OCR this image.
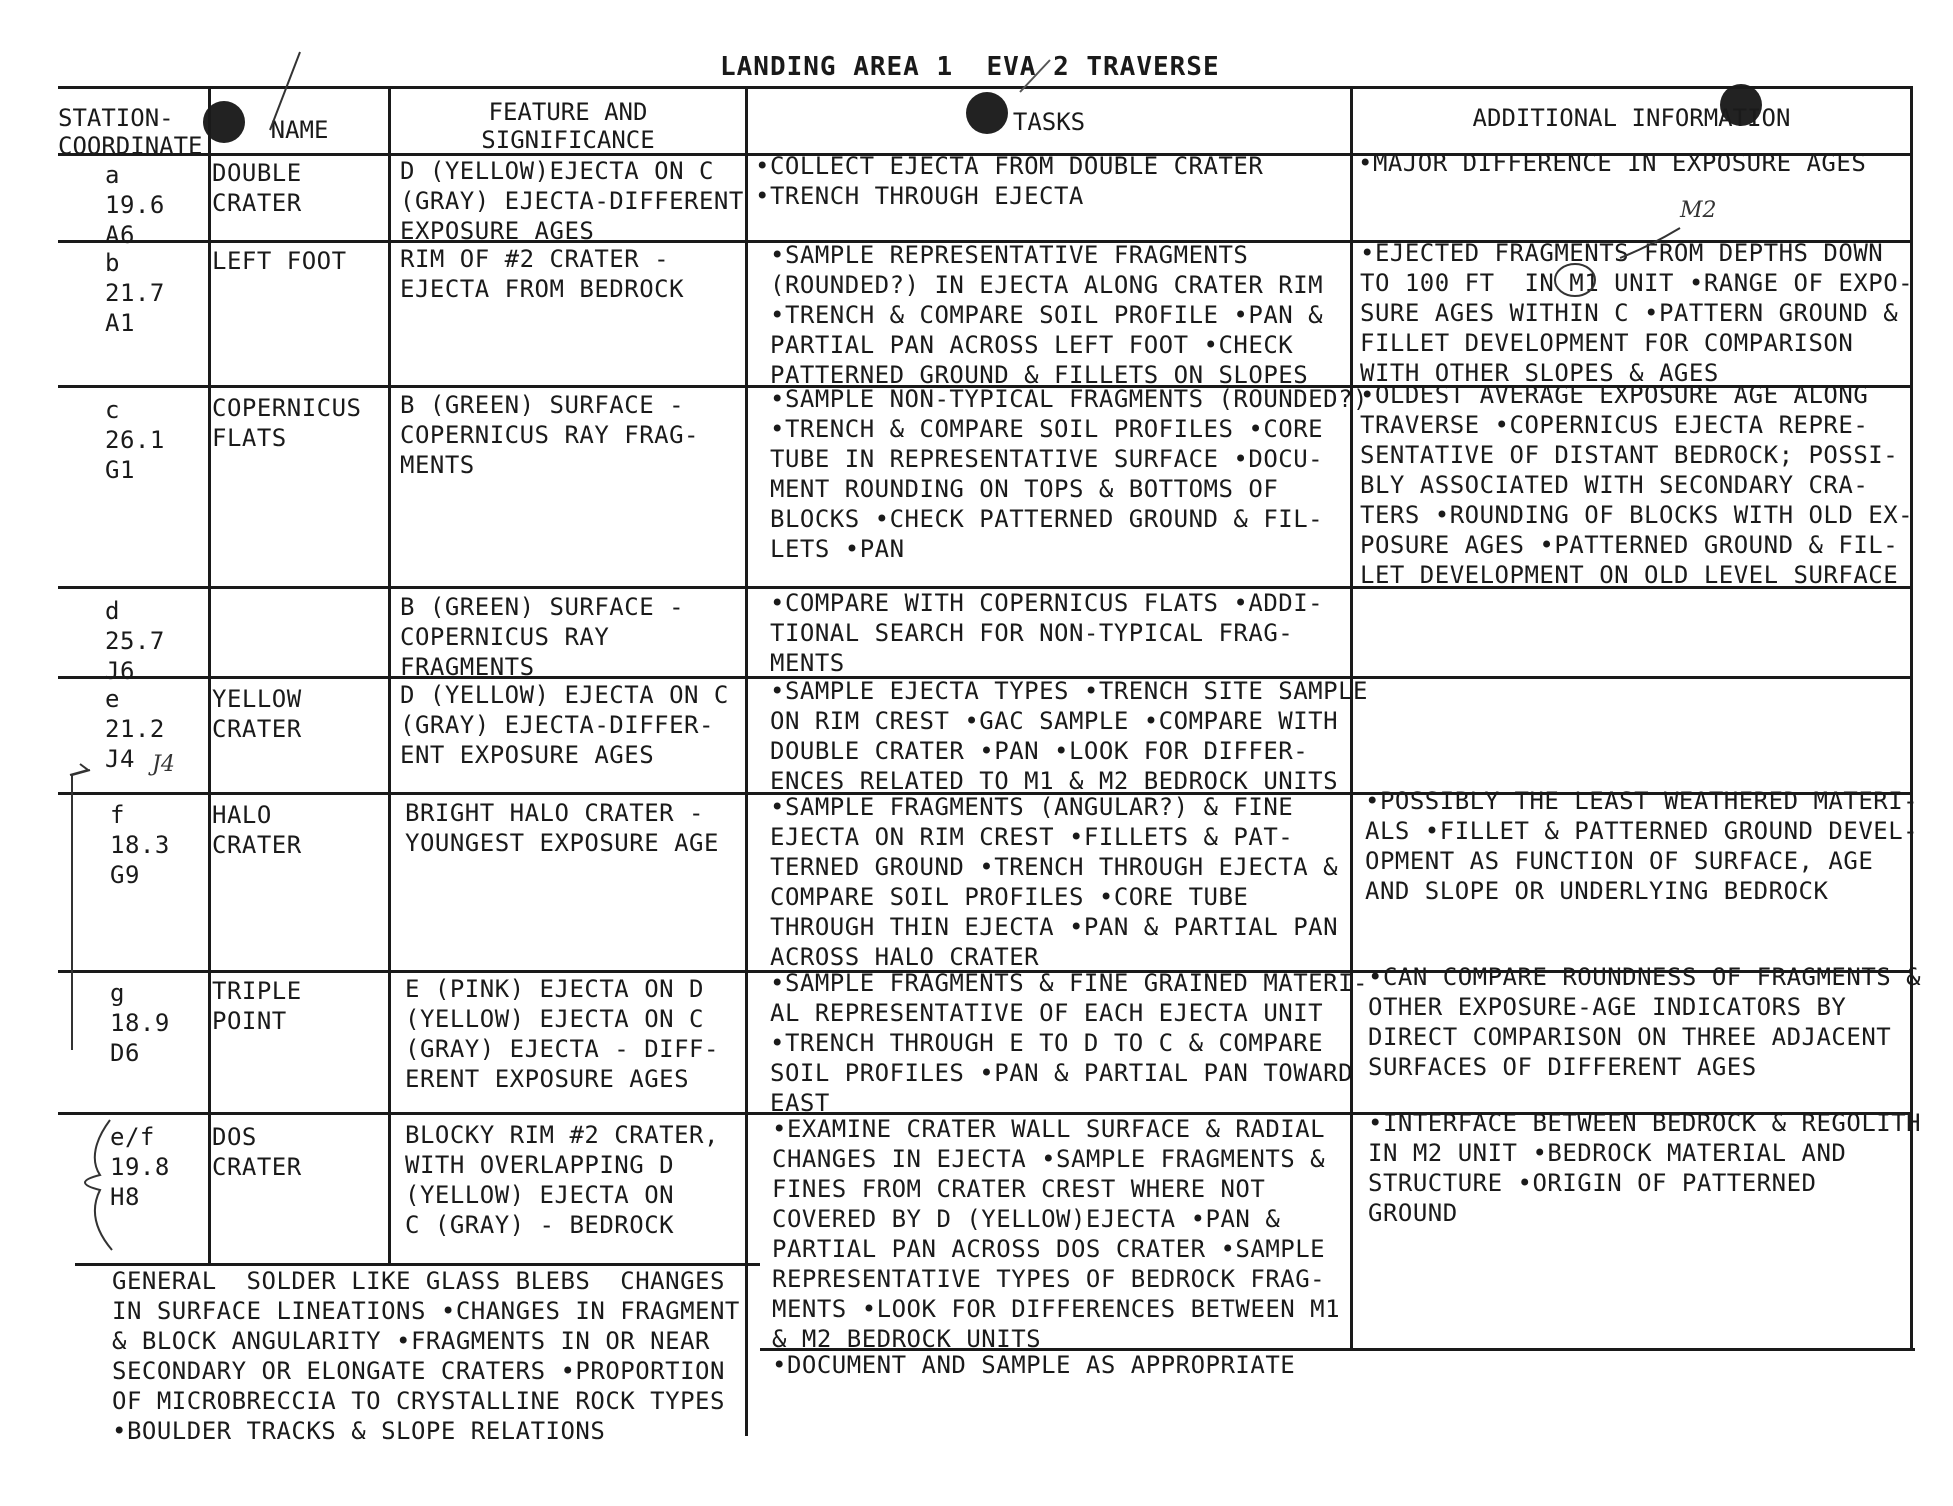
LANDING AREA 1  EVA 2 TRAVERSE
STATION-
COORDINATE
NAME
FEATURE AND
SIGNIFICANCE
TASKS	ADDITIONAL INFORMATION
a
19.6
A6
DOUBLE
CRATER
D (YELLOW)EJECTA ON C
(GRAY) EJECTA-DIFFERENT
EXPOSURE AGES
•COLLECT EJECTA FROM DOUBLE CRATER
•TRENCH THROUGH EJECTA
•MAJOR DIFFERENCE IN EXPOSURE AGES
b
21.7
A1
LEFT FOOT RIM OF #2 CRATER -
EJECTA FROM BEDROCK
•SAMPLE REPRESENTATIVE FRAGMENTS
(ROUNDED?) IN EJECTA ALONG CRATER RIM
•TRENCH & COMPARE SOIL PROFILE •PAN &
PARTIAL PAN ACROSS LEFT FOOT •CHECK
PATTERNED GROUND & FILLETS ON SLOPES
•EJECTED FRAGMENTS FROM DEPTHS DOWN
TO 100 FT  IN M1 UNIT •RANGE OF EXPO-
SURE AGES WITHIN C •PATTERN GROUND &
FILLET DEVELOPMENT FOR COMPARISON
WITH OTHER SLOPES & AGES
M2
c
26.1
G1
COPERNICUS
FLATS
B (GREEN) SURFACE -
COPERNICUS RAY FRAG-
MENTS
•SAMPLE NON-TYPICAL FRAGMENTS (ROUNDED?)
•TRENCH & COMPARE SOIL PROFILES •CORE
TUBE IN REPRESENTATIVE SURFACE •DOCU-
MENT ROUNDING ON TOPS & BOTTOMS OF
BLOCKS •CHECK PATTERNED GROUND & FIL-
LETS •PAN
•OLDEST AVERAGE EXPOSURE AGE ALONG
TRAVERSE •COPERNICUS EJECTA REPRE-
SENTATIVE OF DISTANT BEDROCK; POSSI-
BLY ASSOCIATED WITH SECONDARY CRA-
TERS •ROUNDING OF BLOCKS WITH OLD EX-
POSURE AGES •PATTERNED GROUND & FIL-
LET DEVELOPMENT ON OLD LEVEL SURFACE
d
25.7
J6
B (GREEN) SURFACE -
COPERNICUS RAY
FRAGMENTS
•COMPARE WITH COPERNICUS FLATS •ADDI-
TIONAL SEARCH FOR NON-TYPICAL FRAG-
MENTS
e
21.2
J4
YELLOW
CRATER
D (YELLOW) EJECTA ON C
(GRAY) EJECTA-DIFFER-
ENT EXPOSURE AGES
•SAMPLE EJECTA TYPES •TRENCH SITE SAMPLE
ON RIM CREST •GAC SAMPLE •COMPARE WITH
DOUBLE CRATER •PAN •LOOK FOR DIFFER-
ENCES RELATED TO M1 & M2 BEDROCK UNITS
J4
f
18.3
G9
HALO
CRATER
BRIGHT HALO CRATER -
YOUNGEST EXPOSURE AGE
•SAMPLE FRAGMENTS (ANGULAR?) & FINE
EJECTA ON RIM CREST •FILLETS & PAT-
TERNED GROUND •TRENCH THROUGH EJECTA &
COMPARE SOIL PROFILES •CORE TUBE
THROUGH THIN EJECTA •PAN & PARTIAL PAN
ACROSS HALO CRATER
•POSSIBLY THE LEAST WEATHERED MATERI-
ALS •FILLET & PATTERNED GROUND DEVEL-
OPMENT AS FUNCTION OF SURFACE, AGE
AND SLOPE OR UNDERLYING BEDROCK
g
18.9
D6
TRIPLE
POINT
E (PINK) EJECTA ON D
(YELLOW) EJECTA ON C
(GRAY) EJECTA - DIFF-
ERENT EXPOSURE AGES
•SAMPLE FRAGMENTS & FINE GRAINED MATERI-
AL REPRESENTATIVE OF EACH EJECTA UNIT
•TRENCH THROUGH E TO D TO C & COMPARE
SOIL PROFILES •PAN & PARTIAL PAN TOWARD
EAST
•CAN COMPARE ROUNDNESS OF FRAGMENTS &
OTHER EXPOSURE-AGE INDICATORS BY
DIRECT COMPARISON ON THREE ADJACENT
SURFACES OF DIFFERENT AGES
e/f
19.8
H8
DOS
CRATER
BLOCKY RIM #2 CRATER,
WITH OVERLAPPING D
(YELLOW) EJECTA ON
C (GRAY) - BEDROCK
•EXAMINE CRATER WALL SURFACE & RADIAL
CHANGES IN EJECTA •SAMPLE FRAGMENTS &
FINES FROM CRATER CREST WHERE NOT
COVERED BY D (YELLOW)EJECTA •PAN &
PARTIAL PAN ACROSS DOS CRATER •SAMPLE
REPRESENTATIVE TYPES OF BEDROCK FRAG-
MENTS •LOOK FOR DIFFERENCES BETWEEN M1
& M2 BEDROCK UNITS
•INTERFACE BETWEEN BEDROCK & REGOLITH
IN M2 UNIT •BEDROCK MATERIAL AND
STRUCTURE •ORIGIN OF PATTERNED
GROUND
GENERAL  SOLDER LIKE GLASS BLEBS  CHANGES
IN SURFACE LINEATIONS •CHANGES IN FRAGMENT
& BLOCK ANGULARITY •FRAGMENTS IN OR NEAR
SECONDARY OR ELONGATE CRATERS •PROPORTION
OF MICROBRECCIA TO CRYSTALLINE ROCK TYPES
•BOULDER TRACKS & SLOPE RELATIONS
•DOCUMENT AND SAMPLE AS APPROPRIATE
